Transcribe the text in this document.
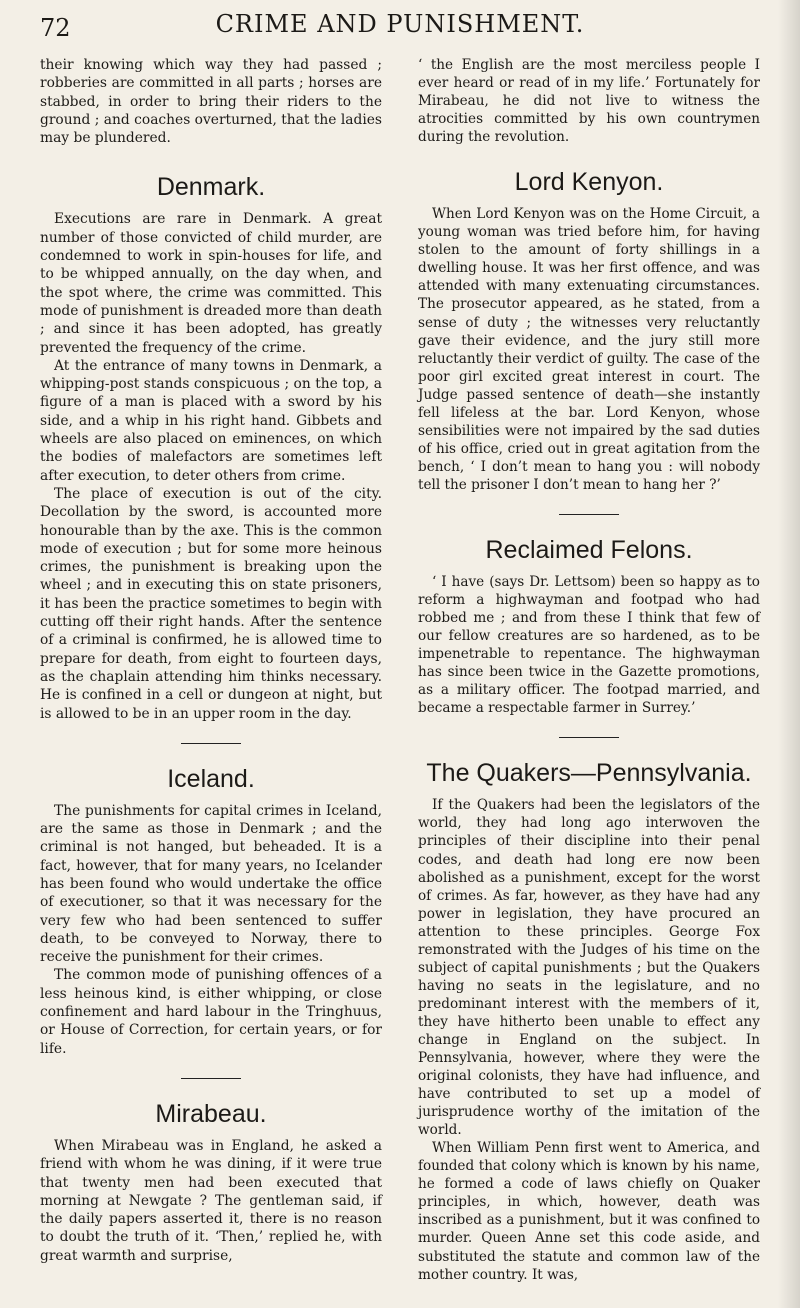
72	CRIME AND PUNISHMENT.

their knowing which way they had passed ; robberies are committed in all parts ; horses are stabbed, in order to bring their riders to the ground ; and coaches overturned, that the ladies may be plundered.

Denmark.

Executions are rare in Denmark. A great number of those convicted of child murder, are condemned to work in spin-houses for life, and to be whipped annually, on the day when, and the spot where, the crime was committed. This mode of punishment is dreaded more than death ; and since it has been adopted, has greatly prevented the frequency of the crime.

At the entrance of many towns in Denmark, a whipping-post stands conspicuous ; on the top, a figure of a man is placed with a sword by his side, and a whip in his right hand. Gibbets and wheels are also placed on eminences, on which the bodies of malefactors are sometimes left after execution, to deter others from crime.

The place of execution is out of the city. Decollation by the sword, is accounted more honourable than by the axe. This is the common mode of execution ; but for some more heinous crimes, the punishment is breaking upon the wheel ; and in executing this on state prisoners, it has been the practice sometimes to begin with cutting off their right hands. After the sentence of a criminal is confirmed, he is allowed time to prepare for death, from eight to fourteen days, as the chaplain attending him thinks necessary. He is confined in a cell or dungeon at night, but is allowed to be in an upper room in the day.

Iceland.

The punishments for capital crimes in Iceland, are the same as those in Denmark ; and the criminal is not hanged, but beheaded. It is a fact, however, that for many years, no Icelander has been found who would undertake the office of executioner, so that it was necessary for the very few who had been sentenced to suffer death, to be conveyed to Norway, there to receive the punishment for their crimes.

The common mode of punishing offences of a less heinous kind, is either whipping, or close confinement and hard labour in the Tringhuus, or House of Correction, for certain years, or for life.

Mirabeau.

When Mirabeau was in England, he asked a friend with whom he was dining, if it were true that twenty men had been executed that morning at Newgate ? The gentleman said, if the daily papers asserted it, there is no reason to doubt the truth of it. ‘Then,’ replied he, with great warmth and surprise,

‘ the English are the most merciless people I ever heard or read of in my life.’ Fortunately for Mirabeau, he did not live to witness the atrocities committed by his own countrymen during the revolution.

Lord Kenyon.

When Lord Kenyon was on the Home Circuit, a young woman was tried before him, for having stolen to the amount of forty shillings in a dwelling house. It was her first offence, and was attended with many extenuating circumstances. The prosecutor appeared, as he stated, from a sense of duty ; the witnesses very reluctantly gave their evidence, and the jury still more reluctantly their verdict of guilty. The case of the poor girl excited great interest in court. The Judge passed sentence of death—she instantly fell lifeless at the bar. Lord Kenyon, whose sensibilities were not impaired by the sad duties of his office, cried out in great agitation from the bench, ‘ I don’t mean to hang you : will nobody tell the prisoner I don’t mean to hang her ?’

Reclaimed Felons.

‘ I have (says Dr. Lettsom) been so happy as to reform a highwayman and footpad who had robbed me ; and from these I think that few of our fellow creatures are so hardened, as to be impenetrable to repentance. The highwayman has since been twice in the Gazette promotions, as a military officer. The footpad married, and became a respectable farmer in Surrey.’

The Quakers—Pennsylvania.

If the Quakers had been the legislators of the world, they had long ago interwoven the principles of their discipline into their penal codes, and death had long ere now been abolished as a punishment, except for the worst of crimes. As far, however, as they have had any power in legislation, they have procured an attention to these principles. George Fox remonstrated with the Judges of his time on the subject of capital punishments ; but the Quakers having no seats in the legislature, and no predominant interest with the members of it, they have hitherto been unable to effect any change in England on the subject. In Pennsylvania, however, where they were the original colonists, they have had influence, and have contributed to set up a model of jurisprudence worthy of the imitation of the world.

When William Penn first went to America, and founded that colony which is known by his name, he formed a code of laws chiefly on Quaker principles, in which, however, death was inscribed as a punishment, but it was confined to murder. Queen Anne set this code aside, and substituted the statute and common law of the mother country. It was,
